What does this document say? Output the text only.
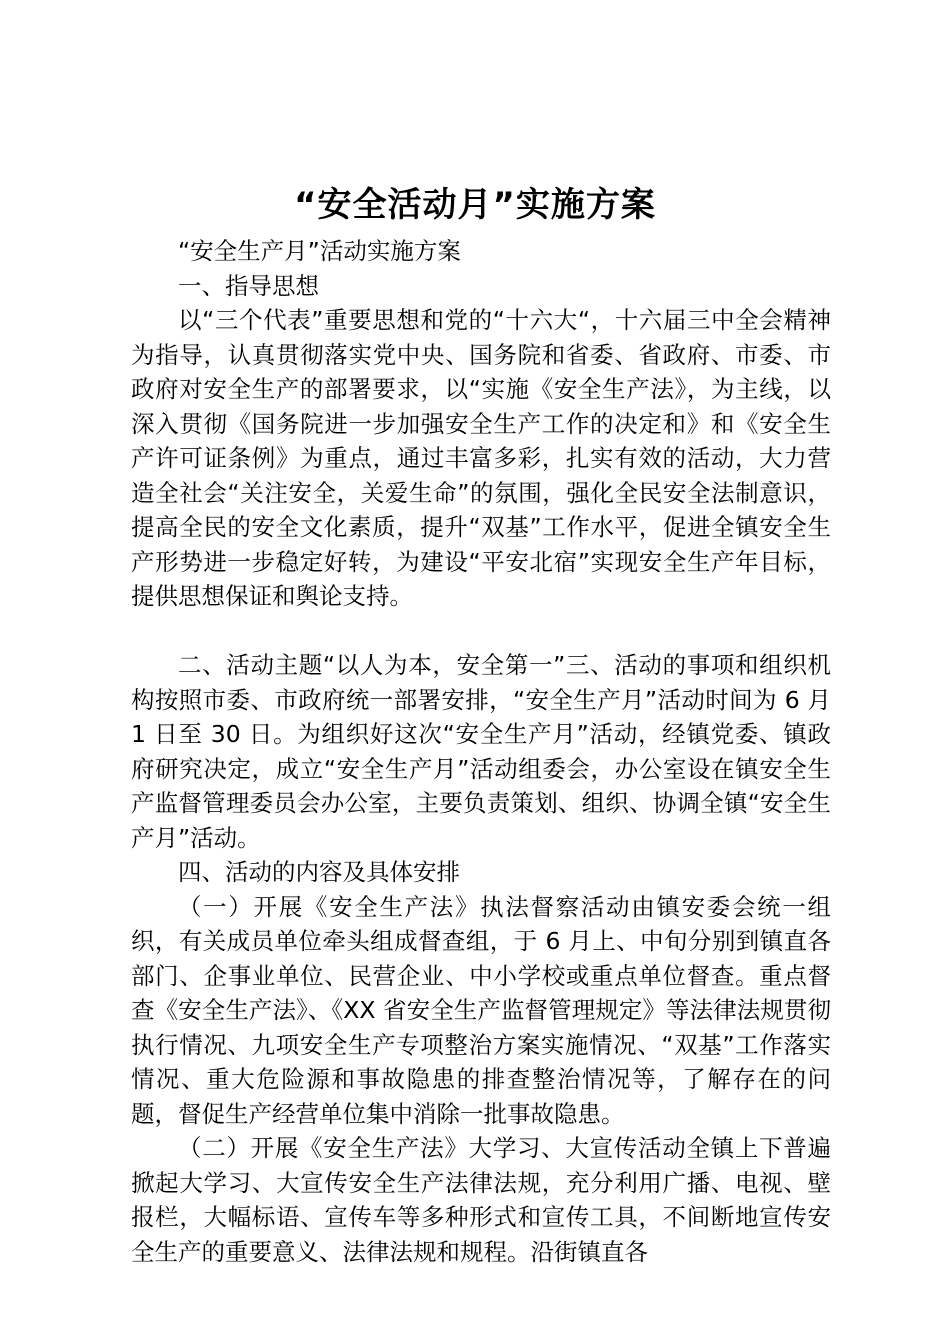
“安全活动月”实施方案

“安全生产月”活动实施方案

一、指导思想

以“三个代表”重要思想和党的“十六大“，十六届三中全会精神为指导，认真贯彻落实党中央、国务院和省委、省政府、市委、市政府对安全生产的部署要求，以“实施《安全生产法》，为主线，以深入贯彻《国务院进一步加强安全生产工作的决定和》和《安全生产许可证条例》为重点，通过丰富多彩，扎实有效的活动，大力营造全社会“关注安全，关爱生命”的氛围，强化全民安全法制意识，提高全民的安全文化素质，提升“双基”工作水平，促进全镇安全生产形势进一步稳定好转，为建设“平安北宿”实现安全生产年目标，提供思想保证和舆论支持。

二、活动主题“以人为本，安全第一”三、活动的事项和组织机构按照市委、市政府统一部署安排，“安全生产月”活动时间为 6 月 1 日至 30 日。为组织好这次“安全生产月”活动，经镇党委、镇政府研究决定，成立“安全生产月”活动组委会，办公室设在镇安全生产监督管理委员会办公室，主要负责策划、组织、协调全镇“安全生产月”活动。

四、活动的内容及具体安排

（一）开展《安全生产法》执法督察活动由镇安委会统一组织，有关成员单位牵头组成督查组，于 6 月上、中旬分别到镇直各部门、企事业单位、民营企业、中小学校或重点单位督查。重点督查《安全生产法》、《XX 省安全生产监督管理规定》等法律法规贯彻执行情况、九项安全生产专项整治方案实施情况、“双基”工作落实情况、重大危险源和事故隐患的排查整治情况等，了解存在的问题，督促生产经营单位集中消除一批事故隐患。

（二）开展《安全生产法》大学习、大宣传活动全镇上下普遍掀起大学习、大宣传安全生产法律法规，充分利用广播、电视、壁报栏，大幅标语、宣传车等多种形式和宣传工具，不间断地宣传安全生产的重要意义、法律法规和规程。沿街镇直各
